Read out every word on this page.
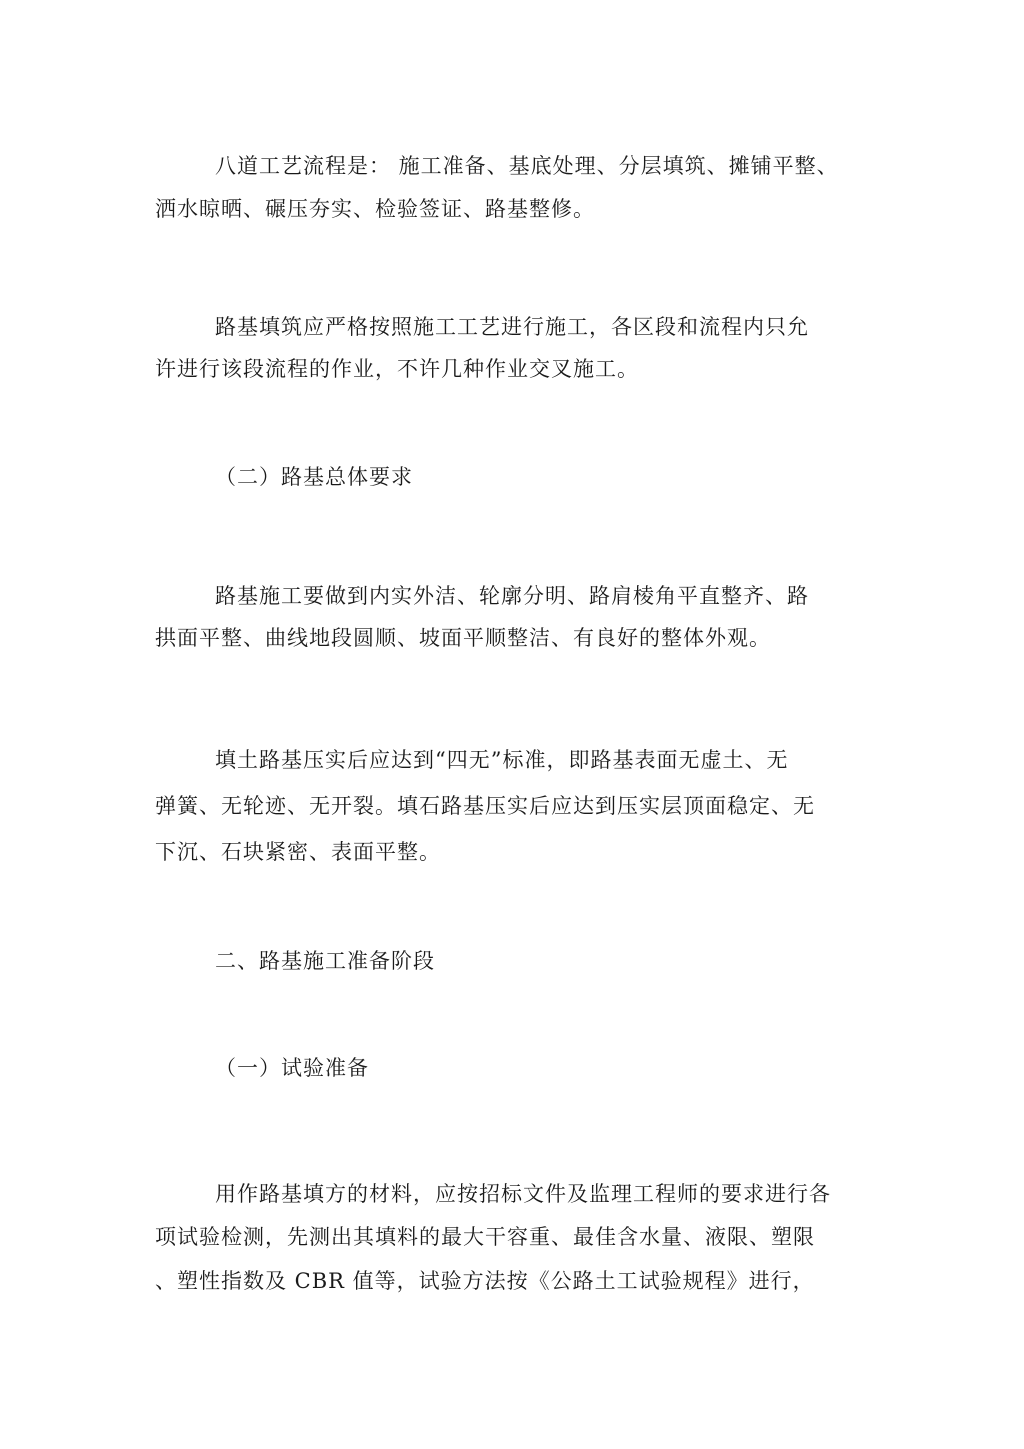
八道工艺流程是： 施工准备、基底处理、分层填筑、摊铺平整、
洒水晾晒、碾压夯实、检验签证、路基整修。
路基填筑应严格按照施工工艺进行施工，各区段和流程内只允
许进行该段流程的作业，不许几种作业交叉施工。
（二）路基总体要求
路基施工要做到内实外洁、轮廓分明、路肩棱角平直整齐、路
拱面平整、曲线地段圆顺、坡面平顺整洁、有良好的整体外观。
填土路基压实后应达到“四无”标准，即路基表面无虚土、无
弹簧、无轮迹、无开裂。填石路基压实后应达到压实层顶面稳定、无
下沉、石块紧密、表面平整。
二、路基施工准备阶段
（一）试验准备
用作路基填方的材料，应按招标文件及监理工程师的要求进行各
项试验检测，先测出其填料的最大干容重、最佳含水量、液限、塑限
、塑性指数及 CBR 值等，试验方法按《公路土工试验规程》进行，
